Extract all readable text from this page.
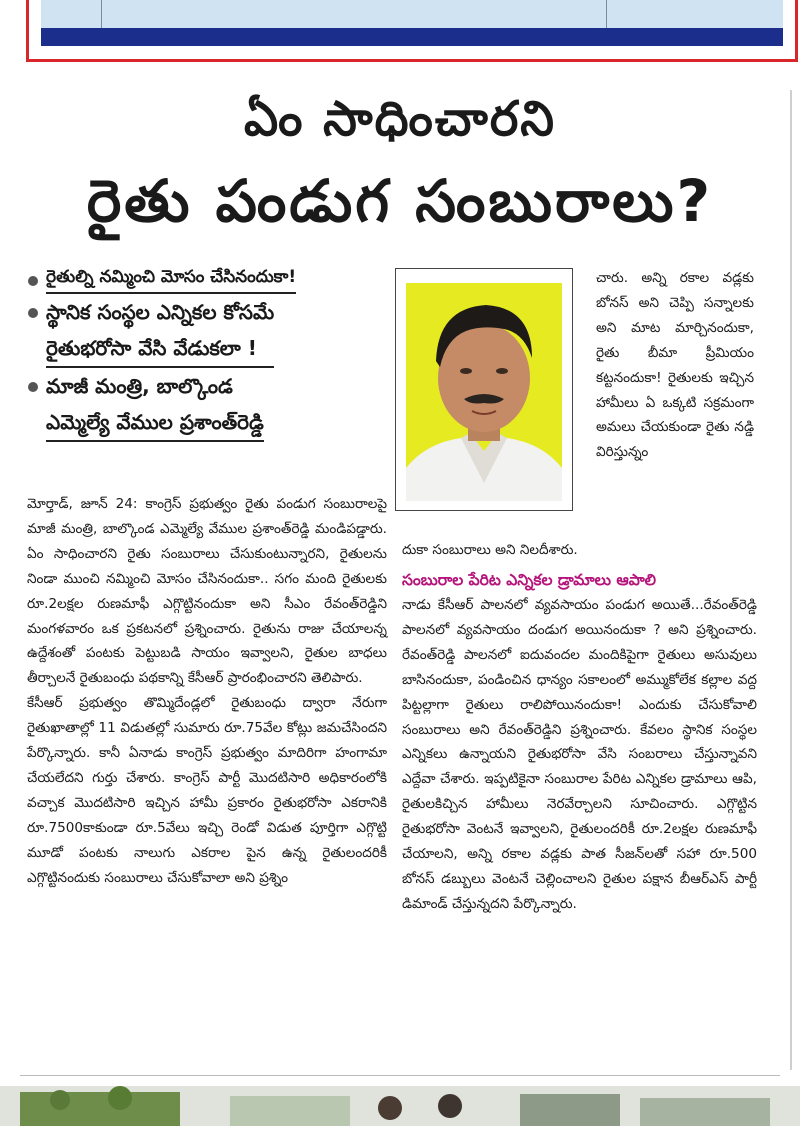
ఏం సాధించారని
రైతు పండుగ సంబురాలు?
రైతుల్ని నమ్మించి మోసం చేసినందుకా!
స్థానిక సంస్థల ఎన్నికల కోసమే
రైతుభరోసా వేసి వేడుకలా !
మాజీ మంత్రి, బాల్కొండ
ఎమ్మెల్యే వేముల ప్రశాంత్‌రెడ్డి

మోర్తాడ్‌, జూన్‌ 24: కాంగ్రెస్‌ ప్రభుత్వం రైతు పండుగ సంబురాలపై మాజీ మంత్రి, బాల్కొండ ఎమ్మెల్యే వేముల ప్రశాంత్‌రెడ్డి మండిపడ్డారు. ఏం సాధించారని రైతు సంబురాలు చేసుకుంటున్నారని, రైతులను నిండా ముంచి నమ్మించి మోసం చేసినందుకా.. సగం మంది రైతులకు రూ.2లక్షల రుణమాఫీ ఎగ్గొట్టినందుకా అని సీఎం రేవంత్‌రెడ్డిని మంగళవారం ఒక ప్రకటనలో ప్రశ్నించారు. రైతును రాజు చేయాలన్న ఉద్దేశంతో పంటకు పెట్టుబడి సాయం ఇవ్వాలని, రైతుల బాధలు తీర్చాలనే రైతుబంధు పథకాన్ని కేసీఆర్‌ ప్రారంభించారని తెలిపారు.

కేసీఆర్‌ ప్రభుత్వం తొమ్మిదేండ్లలో రైతుబంధు ద్వారా నేరుగా రైతుఖాతాల్లో 11 విడుతల్లో సుమారు రూ.75వేల కోట్లు జమచేసిందని పేర్కొన్నారు. కానీ ఏనాడు కాంగ్రెస్‌ ప్రభుత్వం మాదిరిగా హంగామా చేయలేదని గుర్తు చేశారు. కాంగ్రెస్‌ పార్టీ మొదటిసారి అధికారంలోకి వచ్చాక మొదటిసారి ఇచ్చిన హామీ ప్రకారం రైతుభరోసా ఎకరానికి రూ.7500కాకుండా రూ.5వేలు ఇచ్చి రెండో విడుత పూర్తిగా ఎగ్గొట్టి మూడో పంటకు నాలుగు ఎకరాల పైన ఉన్న రైతులందరికీ ఎగ్గొట్టినందుకు సంబురాలు చేసుకోవాలా అని ప్రశ్నిం

చారు. అన్ని రకాల వడ్లకు బోనస్‌ అని చెప్పి సన్నాలకు అని మాట మార్చినందుకా, రైతు బీమా ప్రీమియం కట్టనందుకా! రైతులకు ఇచ్చిన హామీలు ఏ ఒక్కటి సక్రమంగా అమలు చేయకుండా రైతు నడ్డి విరిస్తున్నం

దుకా సంబురాలు అని నిలదీశారు.

సంబురాల పేరిట ఎన్నికల డ్రామాలు ఆపాలి

నాడు కేసీఆర్‌ పాలనలో వ్యవసాయం పండుగ అయితే...రేవంత్‌రెడ్డి పాలనలో వ్యవసాయం దండుగ అయినందుకా ? అని ప్రశ్నించారు. రేవంత్‌రెడ్డి పాలనలో ఐదువందల మందికిపైగా రైతులు అసువులు బాసినందుకా, పండించిన ధాన్యం సకాలంలో అమ్ముకోలేక కల్లాల వద్ద పిట్టల్లాగా రైతులు రాలిపోయినందుకా! ఎందుకు చేసుకోవాలి సంబురాలు అని రేవంత్‌రెడ్డిని ప్రశ్నించారు. కేవలం స్థానిక సంస్థల ఎన్నికలు ఉన్నాయని రైతుభరోసా వేసి సంబరాలు చేస్తున్నావని ఎద్దేవా చేశారు. ఇప్పటికైనా సంబురాల పేరిట ఎన్నికల డ్రామాలు ఆపి, రైతులకిచ్చిన హామీలు నెరవేర్చాలని సూచించారు. ఎగ్గొట్టిన రైతుభరోసా వెంటనే ఇవ్వాలని, రైతులందరికీ రూ.2లక్షల రుణమాఫీ చేయాలని, అన్ని రకాల వడ్లకు పాత సీజన్‌లతో సహా రూ.500 బోనస్‌ డబ్బులు వెంటనే చెల్లించాలని రైతుల పక్షాన బీఆర్‌ఎస్‌ పార్టీ డిమాండ్‌ చేస్తున్నదని పేర్కొన్నారు.
